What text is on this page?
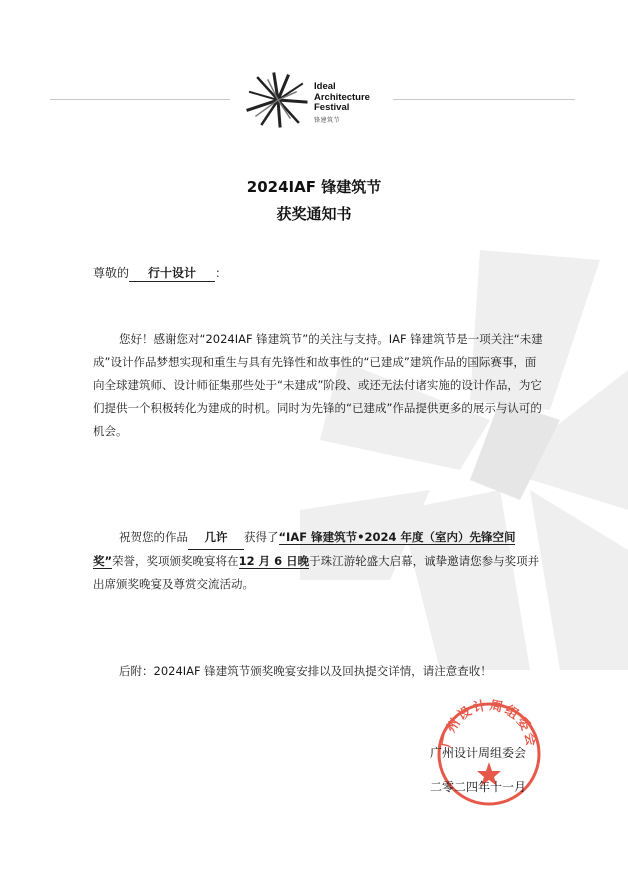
Ideal
Architecture
Festival
锋建筑节
2024IAF 锋建筑节
获奖通知书
尊敬的 行十设计 ：
您好！感谢您对“2024IAF 锋建筑节”的关注与支持。IAF 锋建筑节是一项关注“未建成”设计作品梦想实现和重生与具有先锋性和故事性的“已建成”建筑作品的国际赛事，面向全球建筑师、设计师征集那些处于“未建成”阶段、或还无法付诸实施的设计作品，为它们提供一个积极转化为建成的时机。同时为先锋的“已建成”作品提供更多的展示与认可的机会。
祝贺您的作品 几许 获得了“IAF 锋建筑节•2024 年度（室内）先锋空间奖”荣誉，奖项颁奖晚宴将在12 月 6 日晚于珠江游轮盛大启幕，诚挚邀请您参与奖项并出席颁奖晚宴及尊赏交流活动。
后附：2024IAF 锋建筑节颁奖晚宴安排以及回执提交详情，请注意查收！
广州设计周组委会
广州设计周组委会
二零二四年十一月
